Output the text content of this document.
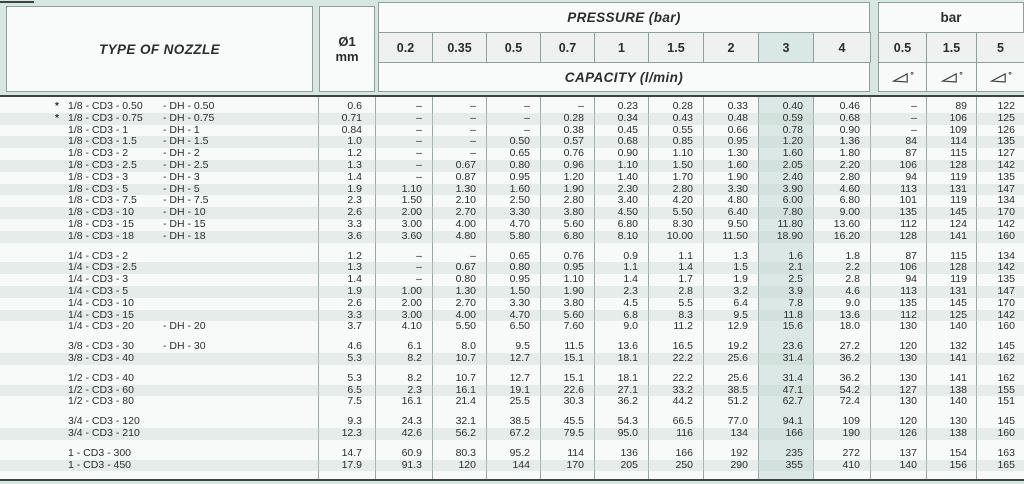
TYPE OF NOZZLE	Ø1
mm
PRESSURE (bar)
0.2	0.35	0.5	0.7	1	1.5	2	3	4
CAPACITY (l/min)
bar
0.5	1.5	5
°	°	°
* 1/8 - CD3 - 0.50 - DH - 0.50	0.6	–	–	–	–	0.23	0.28	0.33	0.40	0.46	–	89	122
* 1/8 - CD3 - 0.75 - DH - 0.75	0.71	–	–	–	0.28	0.34	0.43	0.48	0.59	0.68	–	106	125
1/8 - CD3 - 1	- DH - 1	0.84	–	–	–	0.38	0.45	0.55	0.66	0.78	0.90	–	109	126
1/8 - CD3 - 1.5 - DH - 1.5	1.0	–	–	0.50	0.57	0.68	0.85	0.95	1.20	1.36	84	114	135
1/8 - CD3 - 2	- DH - 2	1.2	–	–	0.65	0.76	0.90	1.10	1.30	1.60	1.80	87	115	127
1/8 - CD3 - 2.5 - DH - 2.5	1.3	–	0.67	0.80	0.96	1.10	1.50	1.60	2.05	2.20	106	128	142
1/8 - CD3 - 3	- DH - 3	1.4	–	0.87	0.95	1.20	1.40	1.70	1.90	2.40	2.80	94	119	135
1/8 - CD3 - 5	- DH - 5	1.9	1.10	1.30	1.60	1.90	2.30	2.80	3.30	3.90	4.60	113	131	147
1/8 - CD3 - 7.5 - DH - 7.5	2.3	1.50	2.10	2.50	2.80	3.40	4.20	4.80	6.00	6.80	101	119	134
1/8 - CD3 - 10	- DH - 10	2.6	2.00	2.70	3.30	3.80	4.50	5.50	6.40	7.80	9.00	135	145	170
1/8 - CD3 - 15	- DH - 15	3.3	3.00	4.00	4.70	5.60	6.80	8.30	9.50	11.80	13.60	112	124	142
1/8 - CD3 - 18	- DH - 18	3.6	3.60	4.80	5.80	6.80	8.10	10.00	11.50	18.90	16.20	128	141	160
1/4 - CD3 - 2	1.2	–	–	0.65	0.76	0.9	1.1	1.3	1.6	1.8	87	115	134
1/4 - CD3 - 2.5	1.3	–	0.67	0.80	0.95	1.1	1.4	1.5	2.1	2.2	106	128	142
1/4 - CD3 - 3	1.4	–	0.80	0.95	1.10	1.4	1.7	1.9	2.5	2.8	94	119	135
1/4 - CD3 - 5	1.9	1.00	1.30	1.50	1.90	2.3	2.8	3.2	3.9	4.6	113	131	147
1/4 - CD3 - 10	2.6	2.00	2.70	3.30	3.80	4.5	5.5	6.4	7.8	9.0	135	145	170
1/4 - CD3 - 15	3.3	3.00	4.00	4.70	5.60	6.8	8.3	9.5	11.8	13.6	112	125	142
1/4 - CD3 - 20	- DH - 20	3.7	4.10	5.50	6.50	7.60	9.0	11.2	12.9	15.6	18.0	130	140	160
3/8 - CD3 - 30	- DH - 30	4.6	6.1	8.0	9.5	11.5	13.6	16.5	19.2	23.6	27.2	120	132	145
3/8 - CD3 - 40	5.3	8.2	10.7	12.7	15.1	18.1	22.2	25.6	31.4	36.2	130	141	162
1/2 - CD3 - 40	5.3	8.2	10.7	12.7	15.1	18.1	22.2	25.6	31.4	36.2	130	141	162
1/2 - CD3 - 60	6.5	2.3	16.1	19.1	22.6	27.1	33.2	38.5	47.1	54.2	127	138	155
1/2 - CD3 - 80	7.5	16.1	21.4	25.5	30.3	36.2	44.2	51.2	62.7	72.4	130	140	151
3/4 - CD3 - 120	9.3	24.3	32.1	38.5	45.5	54.3	66.5	77.0	94.1	109	120	130	145
3/4 - CD3 - 210	12.3	42.6	56.2	67.2	79.5	95.0	116	134	166	190	126	138	160
1 - CD3 - 300	14.7	60.9	80.3	95.2	114	136	166	192	235	272	137	154	163
1 - CD3 - 450	17.9	91.3	120	144	170	205	250	290	355	410	140	156	165
